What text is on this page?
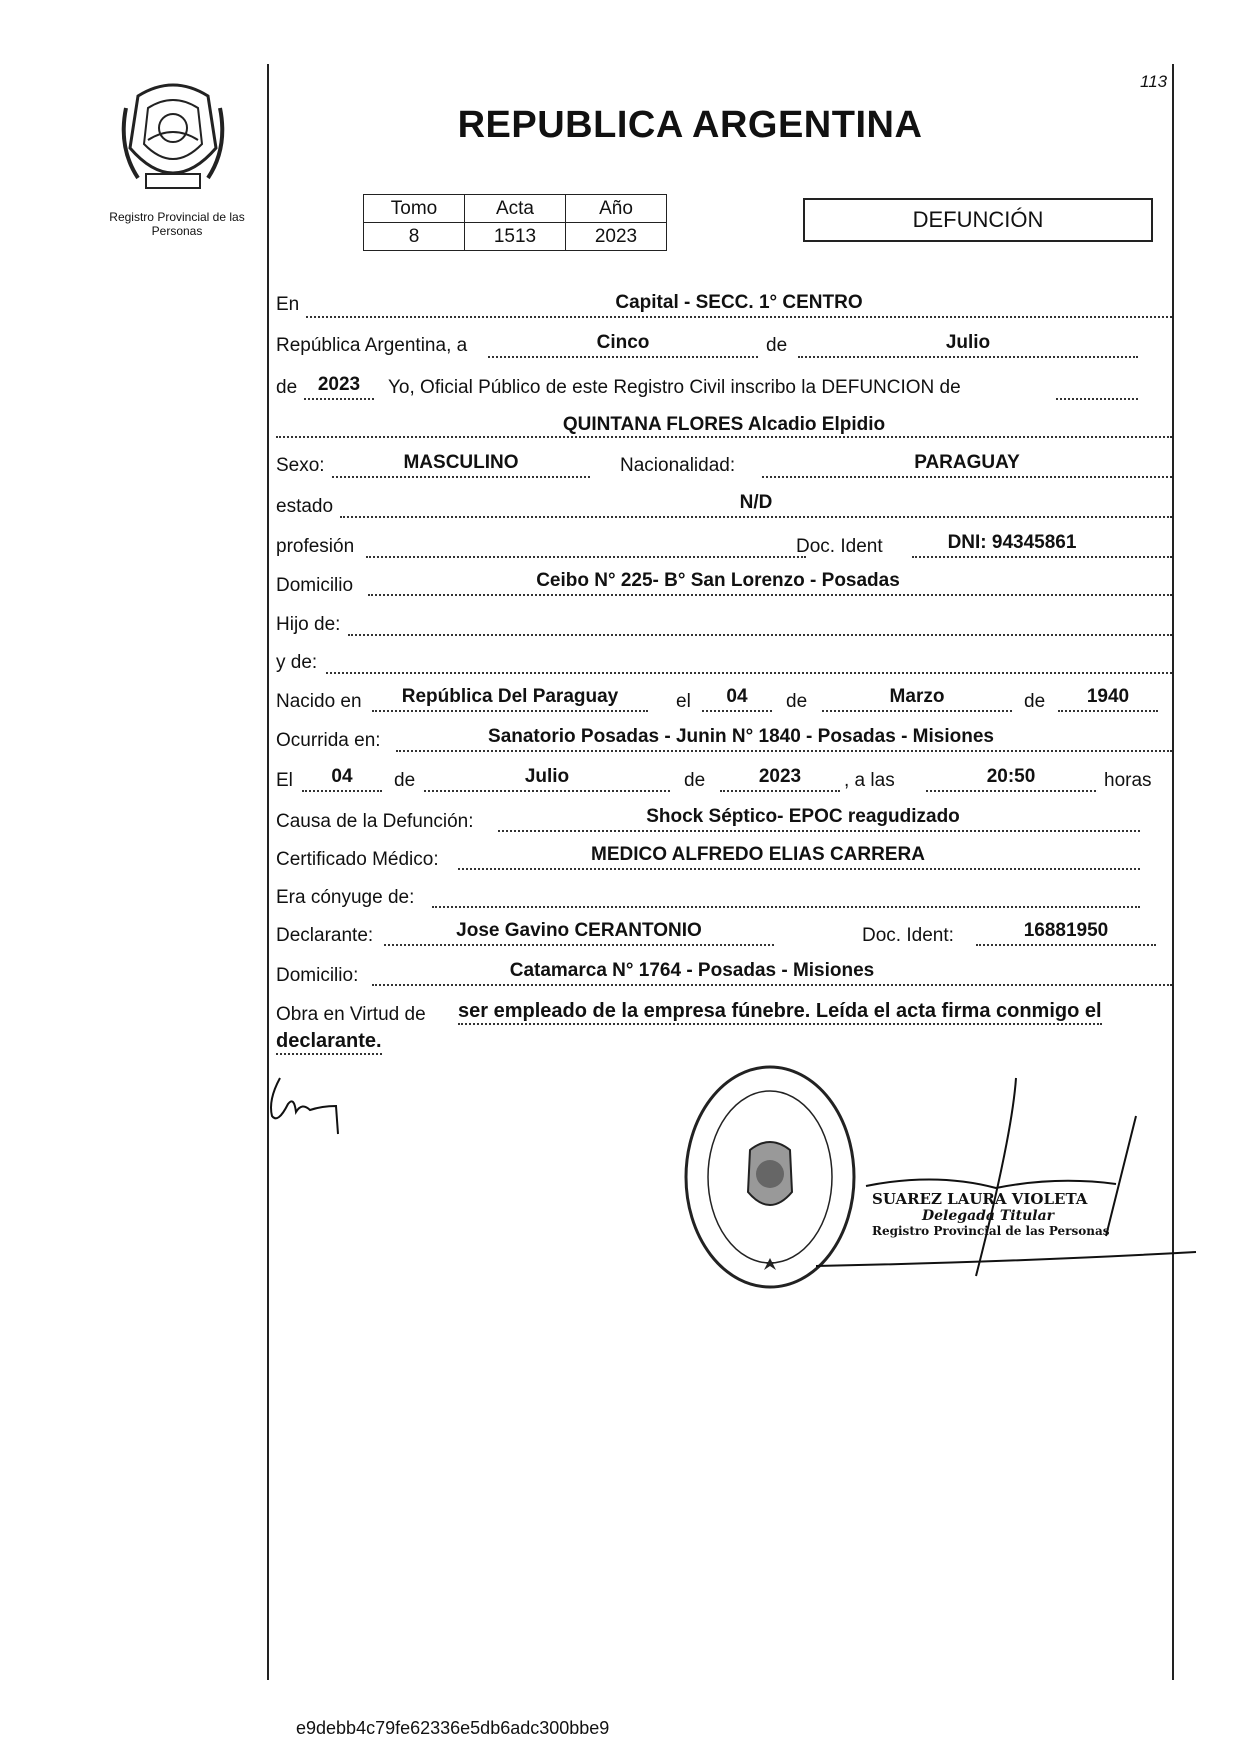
Registro Provincial de las Personas
113
REPUBLICA ARGENTINA
Tomo	Acta	Año
8	1513	2023
DEFUNCIÓN
En	Capital - SECC. 1° CENTRO
República Argentina, a	Cinco	de	Julio
de	2023	Yo, Oficial Público de este Registro Civil inscribo la DEFUNCION de
QUINTANA FLORES Alcadio Elpidio
Sexo:	MASCULINO	Nacionalidad:	PARAGUAY
estado	N/D
profesión	Doc. Ident	DNI: 94345861
Domicilio	Ceibo N° 225- B° San Lorenzo - Posadas
Hijo de:
y de:
Nacido en	República Del Paraguay	el	04	de	Marzo	de	1940
Ocurrida en:	Sanatorio Posadas - Junin N° 1840 - Posadas - Misiones
El	04	de	Julio	de	2023	, a las	20:50	horas
Causa de la Defunción:	Shock Séptico- EPOC reagudizado
Certificado Médico:	MEDICO ALFREDO ELIAS CARRERA
Era cónyuge de:
Declarante:	Jose Gavino CERANTONIO	Doc. Ident:	16881950
Domicilio:	Catamarca N° 1764 - Posadas - Misiones
Obra en Virtud de ser empleado de la empresa fúnebre. Leída el acta firma conmigo el
declarante.
SUAREZ LAURA VIOLETA
Delegada Titular
Registro Provincial de las Personas
e9debb4c79fe62336e5db6adc300bbe9
